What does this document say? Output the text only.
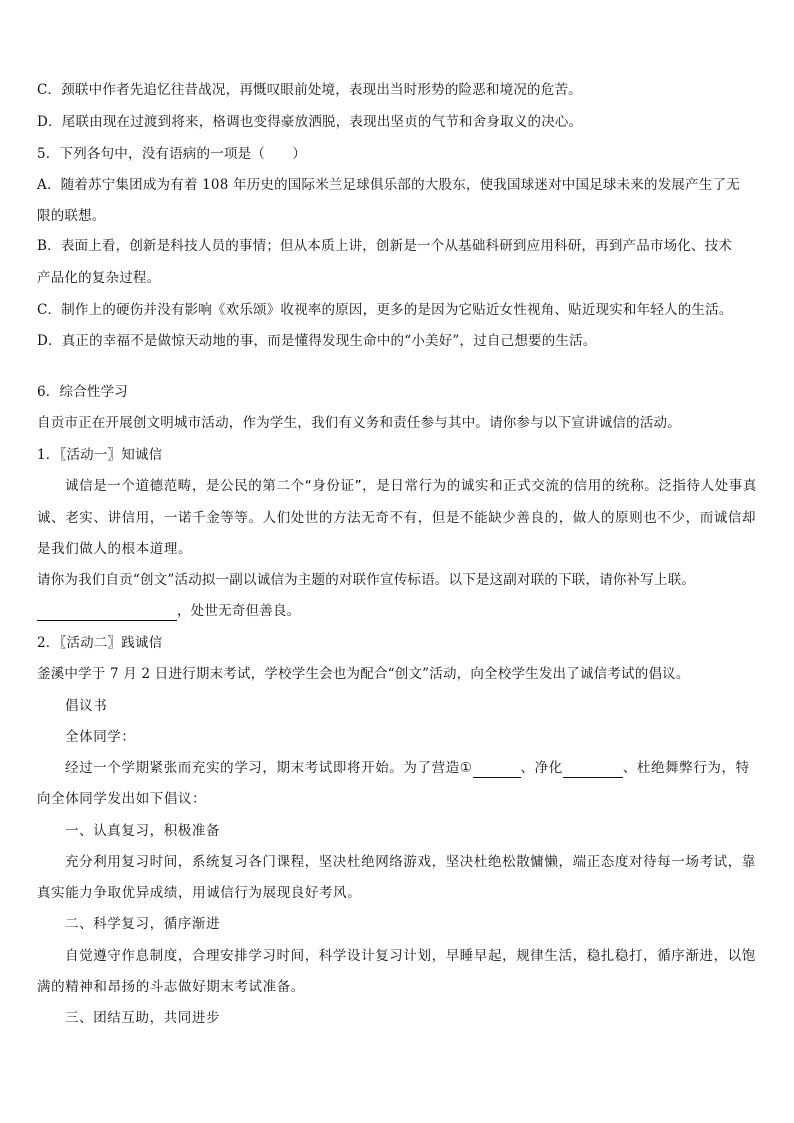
C．颈联中作者先追忆往昔战况，再慨叹眼前处境，表现出当时形势的险恶和境况的危苦。
D．尾联由现在过渡到将来，格调也变得豪放洒脱，表现出坚贞的气节和舍身取义的决心。
5．下列各句中，没有语病的一项是（　　）
A．随着苏宁集团成为有着 108 年历史的国际米兰足球俱乐部的大股东，使我国球迷对中国足球未来的发展产生了无
限的联想。
B．表面上看，创新是科技人员的事情；但从本质上讲，创新是一个从基础科研到应用科研，再到产品市场化、技术
产品化的复杂过程。
C．制作上的硬伤并没有影响《欢乐颂》收视率的原因，更多的是因为它贴近女性视角、贴近现实和年轻人的生活。
D．真正的幸福不是做惊天动地的事，而是懂得发现生命中的“小美好”，过自己想要的生活。
6．综合性学习
自贡市正在开展创文明城市活动，作为学生，我们有义务和责任参与其中。请你参与以下宣讲诚信的活动。
1．〖活动一〗知诚信
诚信是一个道德范畴，是公民的第二个“身份证”，是日常行为的诚实和正式交流的信用的统称。泛指待人处事真
诚、老实、讲信用，一诺千金等等。人们处世的方法无奇不有，但是不能缺少善良的，做人的原则也不少，而诚信却
是我们做人的根本道理。
请你为我们自贡“创文”活动拟一副以诚信为主题的对联作宣传标语。以下是这副对联的下联，请你补写上联。
，处世无奇但善良。
2．〖活动二〗践诚信
釜溪中学于 7 月 2 日进行期末考试，学校学生会也为配合“创文”活动，向全校学生发出了诚信考试的倡议。
倡议书
全体同学：
经过一个学期紧张而充实的学习，期末考试即将开始。为了营造①	、净化	、杜绝舞弊行为，特
向全体同学发出如下倡议：
一、认真复习，积极准备
充分利用复习时间，系统复习各门课程，坚决杜绝网络游戏，坚决杜绝松散慵懒，端正态度对待每一场考试，靠
真实能力争取优异成绩，用诚信行为展现良好考风。
二、科学复习，循序渐进
自觉遵守作息制度，合理安排学习时间，科学设计复习计划，早睡早起，规律生活，稳扎稳打，循序渐进，以饱
满的精神和昂扬的斗志做好期末考试准备。
三、团结互助，共同进步
